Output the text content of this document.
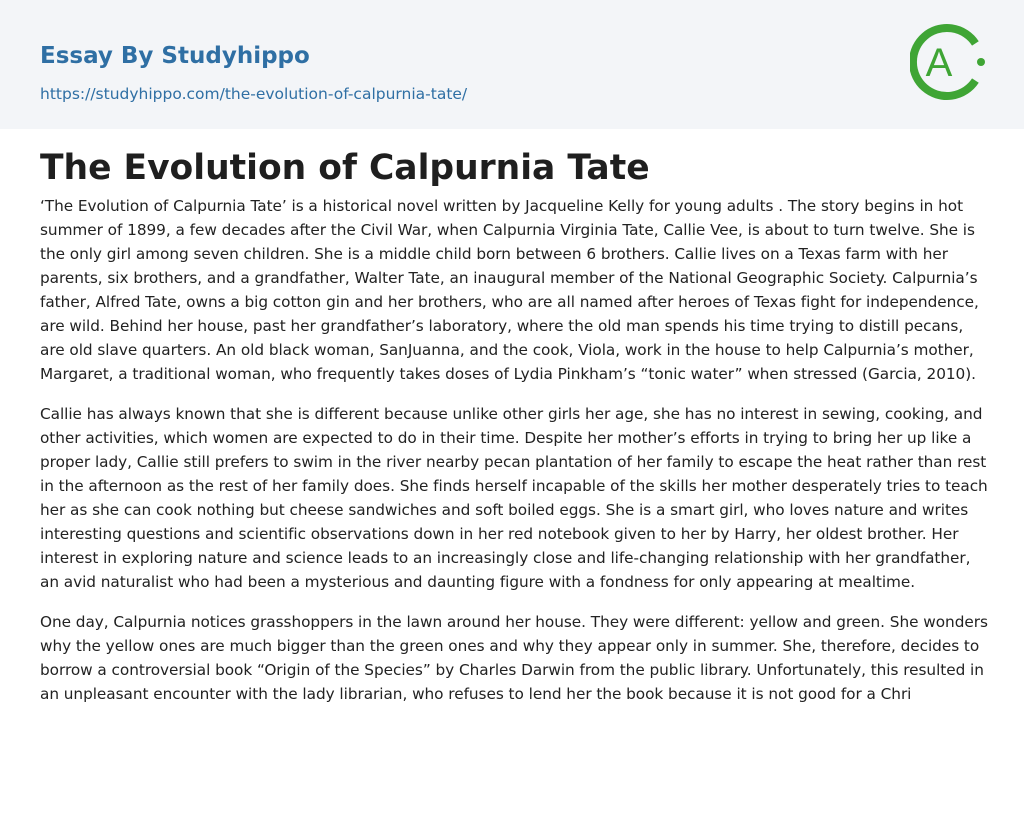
Essay By Studyhippo
https://studyhippo.com/the-evolution-of-calpurnia-tate/
A
The Evolution of Calpurnia Tate

‘The Evolution of Calpurnia Tate’ is a historical novel written by Jacqueline Kelly for young adults . The story begins in hot summer of 1899, a few decades after the Civil War, when Calpurnia Virginia Tate, Callie Vee, is about to turn twelve. She is the only girl among seven children. She is a middle child born between 6 brothers. Callie lives on a Texas farm with her parents, six brothers, and a grandfather, Walter Tate, an inaugural member of the National Geographic Society. Calpurnia’s father, Alfred Tate, owns a big cotton gin and her brothers, who are all named after heroes of Texas fight for independence, are wild. Behind her house, past her grandfather’s laboratory, where the old man spends his time trying to distill pecans, are old slave quarters. An old black woman, SanJuanna, and the cook, Viola, work in the house to help Calpurnia’s mother, Margaret, a traditional woman, who frequently takes doses of Lydia Pinkham’s “tonic water” when stressed (Garcia, 2010).

Callie has always known that she is different because unlike other girls her age, she has no interest in sewing, cooking, and other activities, which women are expected to do in their time. Despite her mother’s efforts in trying to bring her up like a proper lady, Callie still prefers to swim in the river nearby pecan plantation of her family to escape the heat rather than rest in the afternoon as the rest of her family does. She finds herself incapable of the skills her mother desperately tries to teach her as she can cook nothing but cheese sandwiches and soft boiled eggs. She is a smart girl, who loves nature and writes interesting questions and scientific observations down in her red notebook given to her by Harry, her oldest brother. Her interest in exploring nature and science leads to an increasingly close and life-changing relationship with her grandfather, an avid naturalist who had been a mysterious and daunting figure with a fondness for only appearing at mealtime.

One day, Calpurnia notices grasshoppers in the lawn around her house. They were different: yellow and green. She wonders why the yellow ones are much bigger than the green ones and why they appear only in summer. She, therefore, decides to borrow a controversial book “Origin of the Species” by Charles Darwin from the public library. Unfortunately, this resulted in an unpleasant encounter with the lady librarian, who refuses to lend her the book because it is not good for a Chri
